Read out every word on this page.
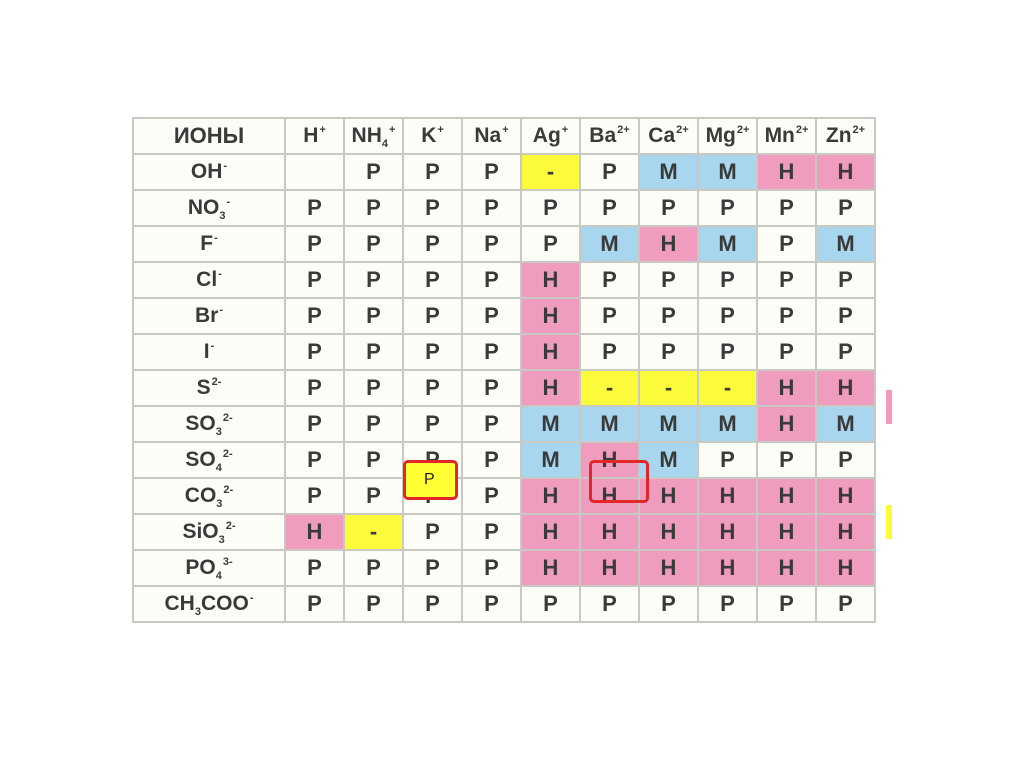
ИОНЫ	H+	$NH_4^+$	K+	Na+	Ag+	$Ba^{2+}$	$Ca^{2+}$	$Mg^{2+}$	$Mn^{2+}$	$Zn^{2+}$
OH-		P	P	P	-	P	M	M	H	H
$NO_3^-$	P	P	P	P	P	P	P	P	P	P
F-	P	P	P	P	P	M	H	M	P	M
Cl-	P	P	P	P	H	P	P	P	P	P
Br-	P	P	P	P	H	P	P	P	P	P
I-	P	P	P	P	H	P	P	P	P	P
$S^{2-}$	P	P	P	P	H	-	-	-	H	H
$SO_3^{2-}$	P	P	P	P	M	M	M	M	H	M
$SO_4^{2-}$	P	P		P	M	H	M	P	P	P
$CO_3^{2-}$	P	P		P	H	H	H	H	H	H
SiO$_3^{2-}$	H	-	P	P	H	H	H	H	H	H
$PO_4^{3-}$	P	P	P	P	H	H	H	H	H	H
$CH_3COO^-$	P	P	P	P	P	P	P	P	P	P
P
